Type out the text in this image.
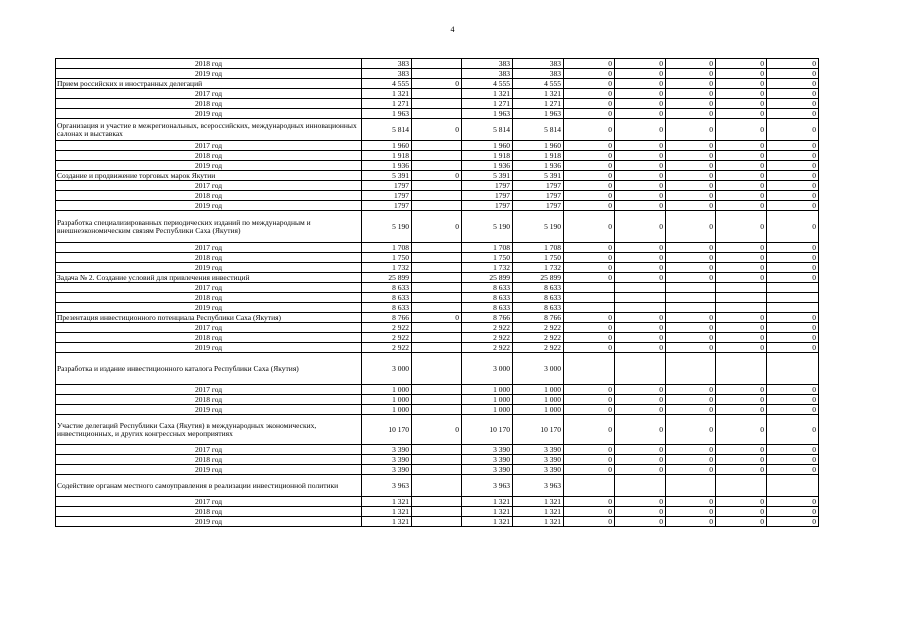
4
2018 год	383		383	383	0	0	0	0	0
2019 год	383		383	383	0	0	0	0	0
Прием российских и иностранных делегаций	4 555	0	4 555	4 555	0	0	0	0	0
2017 год	1 321		1 321	1 321	0	0	0	0	0
2018 год	1 271		1 271	1 271	0	0	0	0	0
2019 год	1 963		1 963	1 963	0	0	0	0	0
Организация и участие в межрегиональных, всероссийских, международных инновационных салонах и выставках	5 814	0	5 814	5 814	0	0	0	0	0
2017 год	1 960		1 960	1 960	0	0	0	0	0
2018 год	1 918		1 918	1 918	0	0	0	0	0
2019 год	1 936		1 936	1 936	0	0	0	0	0
Создание и продвижение торговых марок Якутии	5 391	0	5 391	5 391	0	0	0	0	0
2017 год	1797		1797	1797	0	0	0	0	0
2018 год	1797		1797	1797	0	0	0	0	0
2019 год	1797		1797	1797	0	0	0	0	0
Разработка специализированных периодических изданий по международным и внешнеэкономическим связям Республики Саха (Якутия)	5 190	0	5 190	5 190	0	0	0	0	0
2017 год	1 708		1 708	1 708	0	0	0	0	0
2018 год	1 750		1 750	1 750	0	0	0	0	0
2019 год	1 732		1 732	1 732	0	0	0	0	0
Задача № 2. Создание условий для привлечения инвестиций	25 899		25 899	25 899	0	0	0	0	0
2017 год	8 633		8 633	8 633					
2018 год	8 633		8 633	8 633					
2019 год	8 633		8 633	8 633					
Презентация инвестиционного потенциала Республики Саха (Якутия)	8 766	0	8 766	8 766	0	0	0	0	0
2017 год	2 922		2 922	2 922	0	0	0	0	0
2018 год	2 922		2 922	2 922	0	0	0	0	0
2019 год	2 922		2 922	2 922	0	0	0	0	0
Разработка и издание инвестиционного каталога Республики Саха (Якутия)	3 000		3 000	3 000					
2017 год	1 000		1 000	1 000	0	0	0	0	0
2018 год	1 000		1 000	1 000	0	0	0	0	0
2019 год	1 000		1 000	1 000	0	0	0	0	0
Участие делегаций Республики Саха (Якутия) в международных экономических, инвестиционных, и других конгрессных мероприятиях	10 170	0	10 170	10 170	0	0	0	0	0
2017 год	3 390		3 390	3 390	0	0	0	0	0
2018 год	3 390		3 390	3 390	0	0	0	0	0
2019 год	3 390		3 390	3 390	0	0	0	0	0
Содействие органам местного самоуправления в реализации инвестиционной политики	3 963		3 963	3 963					
2017 год	1 321		1 321	1 321	0	0	0	0	0
2018 год	1 321		1 321	1 321	0	0	0	0	0
2019 год	1 321		1 321	1 321	0	0	0	0	0
